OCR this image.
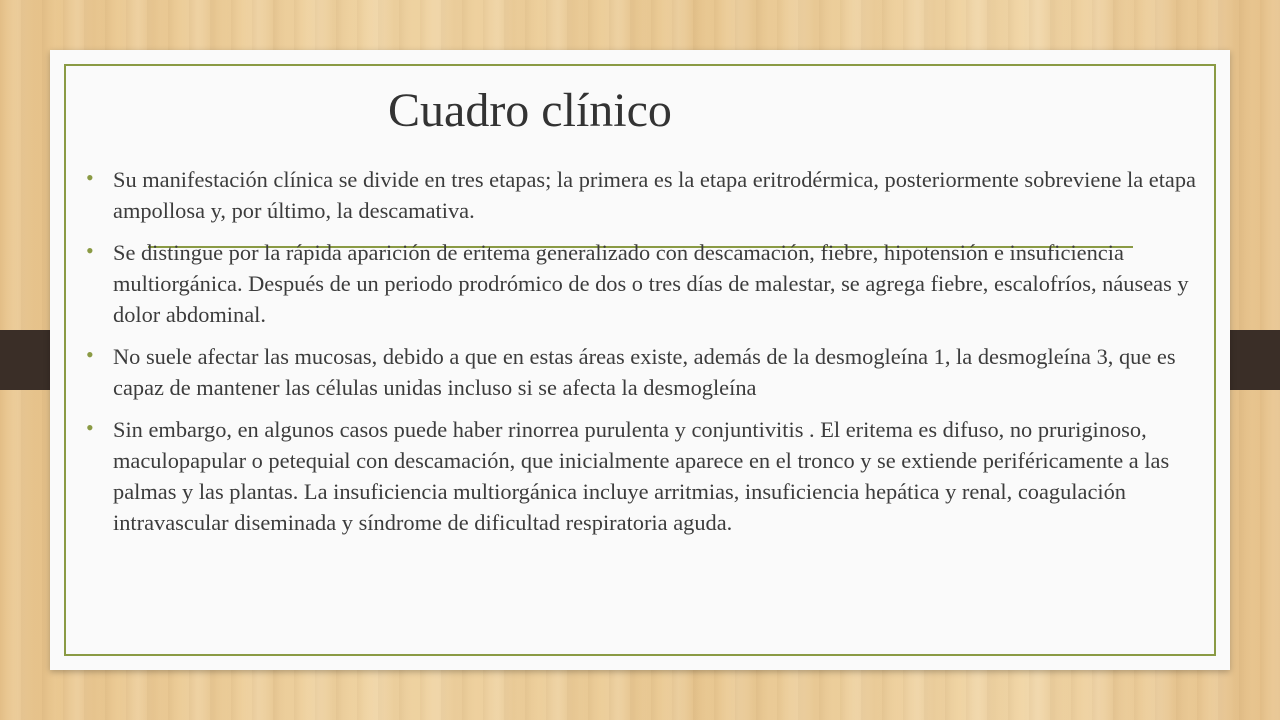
Cuadro clínico
• Su manifestación clínica se divide en tres etapas; la primera es la etapa eritrodérmica, posteriormente sobreviene la etapa ampollosa y, por último, la descamativa.
• Se distingue por la rápida aparición de eritema generalizado con descamación, fiebre, hipotensión e insuficiencia multiorgánica. Después de un periodo prodrómico de dos o tres días de malestar, se agrega fiebre, escalofríos, náuseas y dolor abdominal.
• No suele afectar las mucosas, debido a que en estas áreas existe, además de la desmogleína 1, la desmogleína 3, que es capaz de mantener las células unidas incluso si se afecta la desmogleína
• Sin embargo, en algunos casos puede haber rinorrea purulenta y conjuntivitis . El eritema es difuso, no pruriginoso, maculopapular o petequial con descamación, que inicialmente aparece en el tronco y se extiende periféricamente a las palmas y las plantas. La insuficiencia multiorgánica incluye arritmias, insuficiencia hepática y renal, coagulación intravascular diseminada y síndrome de dificultad respiratoria aguda.
